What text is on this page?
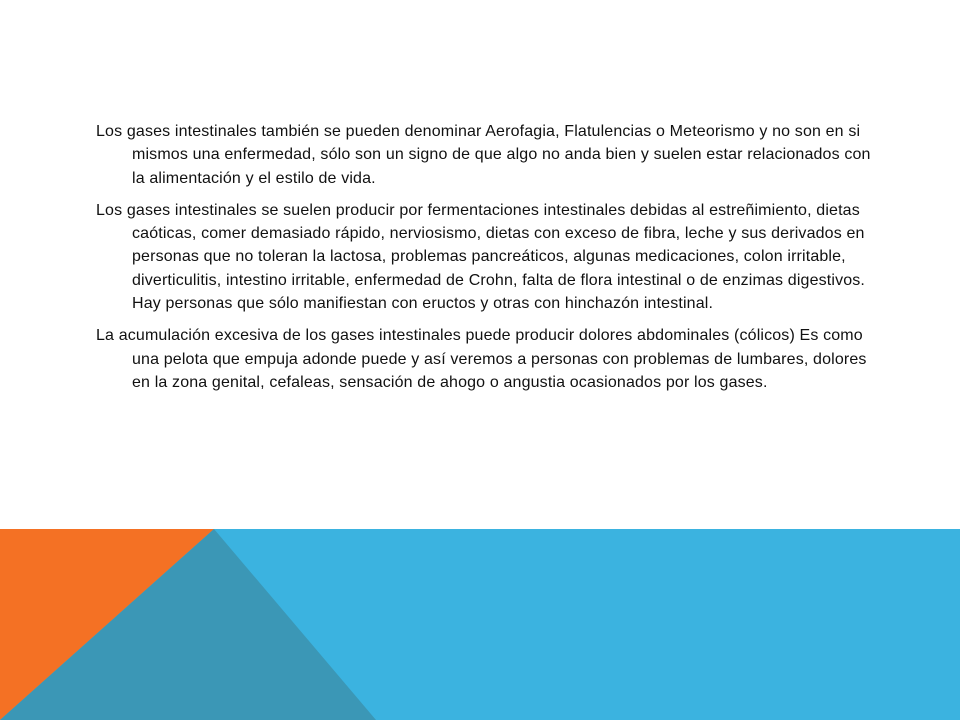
Los gases intestinales también se pueden denominar Aerofagia, Flatulencias o Meteorismo y no son en si mismos una enfermedad, sólo son un signo de que algo no anda bien y suelen estar relacionados con la alimentación y el estilo de vida.

Los gases intestinales se suelen producir por fermentaciones intestinales debidas al estreñimiento, dietas caóticas, comer demasiado rápido, nerviosismo, dietas con exceso de fibra, leche y sus derivados en personas que no toleran la lactosa, problemas pancreáticos, algunas medicaciones, colon irritable, diverticulitis, intestino irritable, enfermedad de Crohn, falta de flora intestinal o de enzimas digestivos. Hay personas que sólo manifiestan con eructos y otras con hinchazón intestinal.

La acumulación excesiva de los gases intestinales puede producir dolores abdominales (cólicos) Es como una pelota que empuja adonde puede y así veremos a personas con problemas de lumbares, dolores en la zona genital, cefaleas, sensación de ahogo o angustia ocasionados por los gases.
